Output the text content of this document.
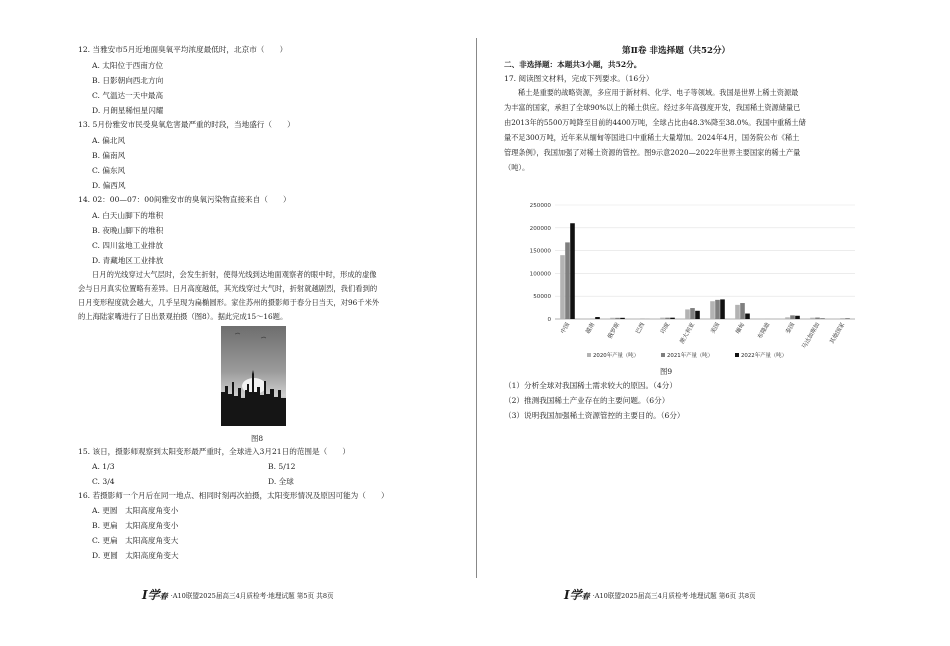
12. 当雅安市5月近地面臭氧平均浓度最低时，北京市（　　）
A. 太阳位于西南方位
B. 日影朝向西北方向
C. 气温达一天中最高
D. 月朗星稀恒星闪耀
13. 5月份雅安市民受臭氧危害最严重的时段，当地盛行（　　）
A. 偏北风
B. 偏南风
C. 偏东风
D. 偏西风
14. 02：00—07：00间雅安市的臭氧污染物直接来自（　　）
A. 白天山脚下的堆积
B. 夜晚山脚下的堆积
C. 四川盆地工业排放
D. 青藏地区工业排放
日月的光线穿过大气层时，会发生折射，使得光线到达地面观察者的眼中时，形成的虚像
会与日月真实位置略有差异。日月高度越低，其光线穿过大气时，折射就越剧烈，我们看到的
日月变形程度就会越大，几乎呈现为扁椭圆形。家住苏州的摄影师于春分日当天，对96千米外
的上海陆家嘴进行了日出景观拍摄（图8）。据此完成15～16题。
图8
15. 该日，摄影师观察到太阳变形最严重时，全球进入3月21日的范围是（　　）
A. 1/3	B. 5/12
C. 3/4	D. 全球
16. 若摄影师一个月后在同一地点、相同时刻再次拍摄，太阳变形情况及原因可能为（　　）
A. 更圆　太阳高度角变小
B. 更扁　太阳高度角变小
C. 更扁　太阳高度角变大
D. 更圆　太阳高度角变大
I学春 ·A10联盟2025届高三4月质检考·地理试题 第5页 共8页
第Ⅱ卷 非选择题（共52分）
二、非选择题：本题共3小题，共52分。
17. 阅读图文材料，完成下列要求。（16分）
稀土是重要的战略资源，多应用于新材料、化学、电子等领域。我国是世界上稀土资源最
为丰富的国家，承担了全球90%以上的稀土供应。经过多年高强度开发，我国稀土资源储量已
由2013年的5500万吨降至目前的4400万吨，全球占比由48.3%降至38.0%。我国中重稀土储
量不足300万吨，近年来从缅甸等国进口中重稀土大量增加。2024年4月，国务院公布《稀土
管理条例》，我国加强了对稀土资源的管控。图9示意2020—2022年世界主要国家的稀土产量
（吨）。
图9
（1）分析全球对我国稀土需求较大的原因。（4分）
（2）推测我国稀土产业存在的主要问题。（6分）
（3）说明我国加强稀土资源管控的主要目的。（6分）
I学春 ·A10联盟2025届高三4月质检考·地理试题 第6页 共8页
0
50000
100000
150000
200000
250000
中国 越南 俄罗斯 巴西 印度 澳大利亚 美国 缅甸 布隆迪 泰国 马达加斯加 其他国家
2020年产量（吨）	2021年产量（吨）	2022年产量（吨）
